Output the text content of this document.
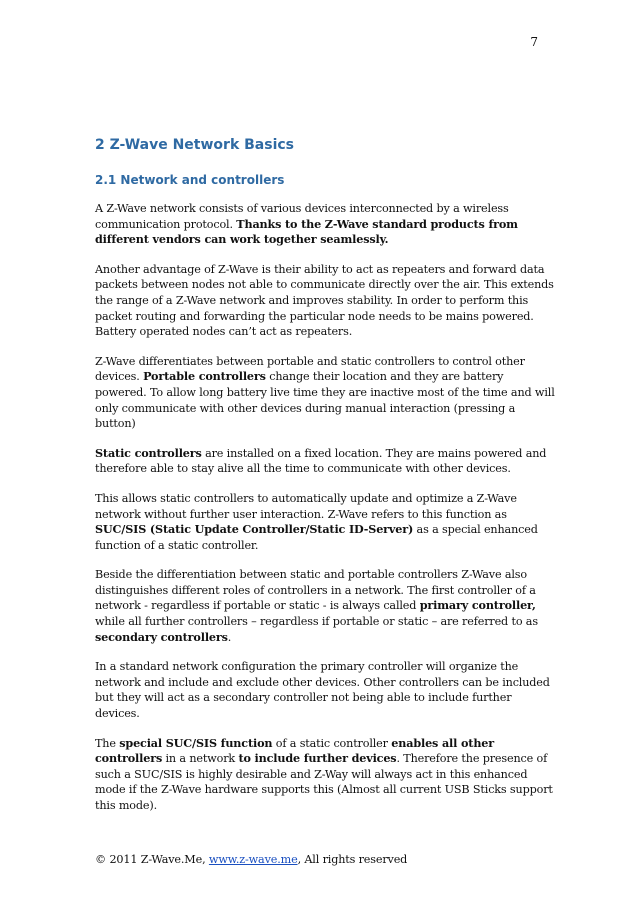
7
2 Z-Wave Network Basics
2.1 Network and controllers

A Z-Wave network consists of various devices interconnected by a wireless communication protocol. Thanks to the Z-Wave standard products from different vendors can work together seamlessly.

Another advantage of Z-Wave is their ability to act as repeaters and forward data packets between nodes not able to communicate directly over the air. This extends the range of a Z-Wave network and improves stability. In order to perform this packet routing and forwarding the particular node needs to be mains powered. Battery operated nodes can’t act as repeaters.

Z-Wave differentiates between portable and static controllers to control other devices. Portable controllers change their location and they are battery powered. To allow long battery live time they are inactive most of the time and will only communicate with other devices during manual interaction (pressing a button)

Static controllers are installed on a fixed location. They are mains powered and therefore able to stay alive all the time to communicate with other devices.

This allows static controllers to automatically update and optimize a Z-Wave network without further user interaction. Z-Wave refers to this function as SUC/SIS (Static Update Controller/Static ID-Server) as a special enhanced function of a static controller.

Beside the differentiation between static and portable controllers Z-Wave also distinguishes different roles of controllers in a network. The first controller of a network - regardless if portable or static - is always called primary controller, while all further controllers – regardless if portable or static – are referred to as secondary controllers.

In a standard network configuration the primary controller will organize the network and include and exclude other devices. Other controllers can be included but they will act as a secondary controller not being able to include further devices.

The special SUC/SIS function of a static controller enables all other controllers in a network to include further devices. Therefore the presence of such a SUC/SIS is highly desirable and Z-Way will always act in this enhanced mode if the Z-Wave hardware supports this (Almost all current USB Sticks support this mode).

© 2011 Z-Wave.Me, www.z-wave.me, All rights reserved
